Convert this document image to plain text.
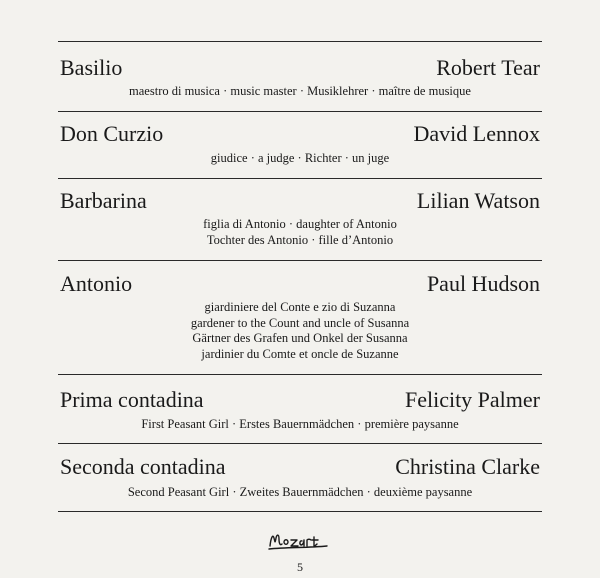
Basilio	Robert Tear
maestro di musica · music master · Musiklehrer · maître de musique
Don Curzio	David Lennox
giudice · a judge · Richter · un juge
Barbarina	Lilian Watson
figlia di Antonio · daughter of Antonio
Tochter des Antonio · fille d’Antonio
Antonio	Paul Hudson
giardiniere del Conte e zio di Suzanna
gardener to the Count and uncle of Susanna
Gärtner des Grafen und Onkel der Susanna
jardinier du Comte et oncle de Suzanne
Prima contadina	Felicity Palmer
First Peasant Girl · Erstes Bauernmädchen · première paysanne
Seconda contadina	Christina Clarke
Second Peasant Girl · Zweites Bauernmädchen · deuxième paysanne
5
